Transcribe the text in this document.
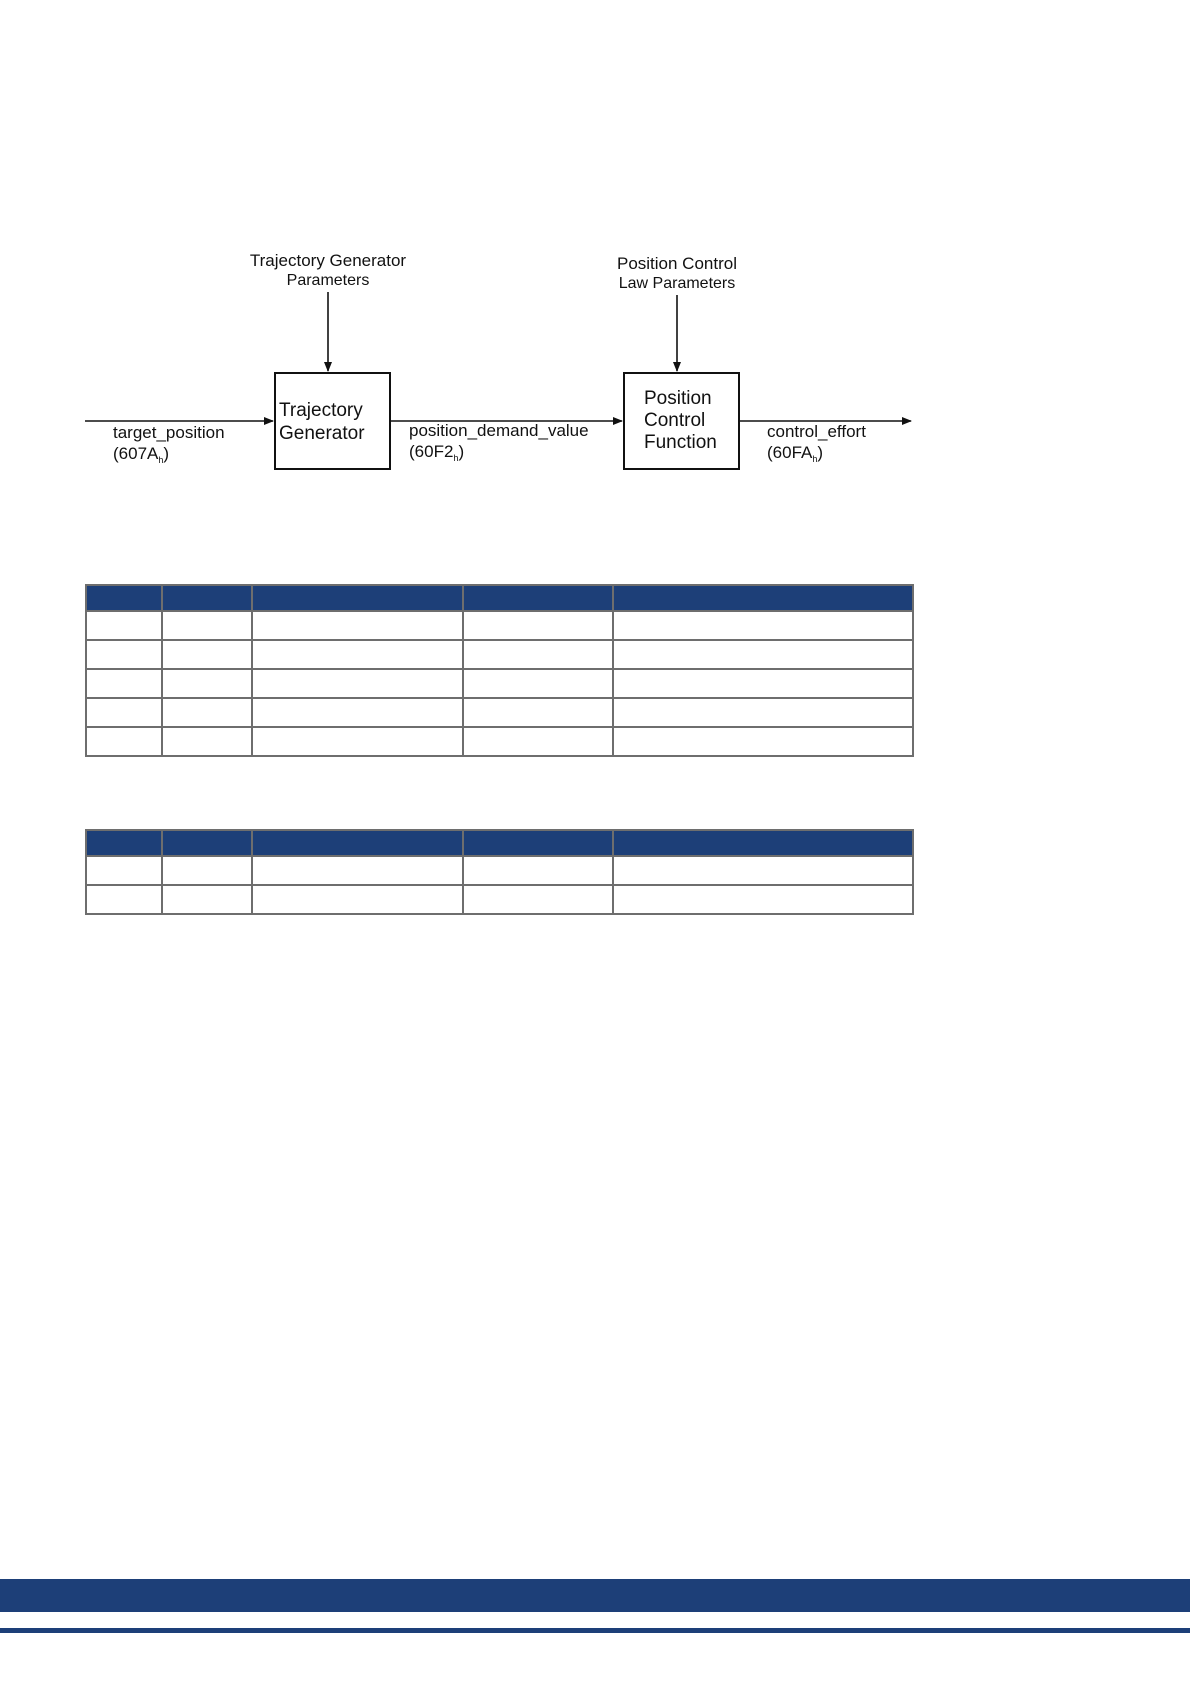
Trajectory Generator
Parameters
Position Control
Law Parameters
Trajectory
Generator
Position
Control
Function
target_position
$(607A_h)$
position_demand_value
$(60F2_h)$
control_effort
$(60FA_h)$
